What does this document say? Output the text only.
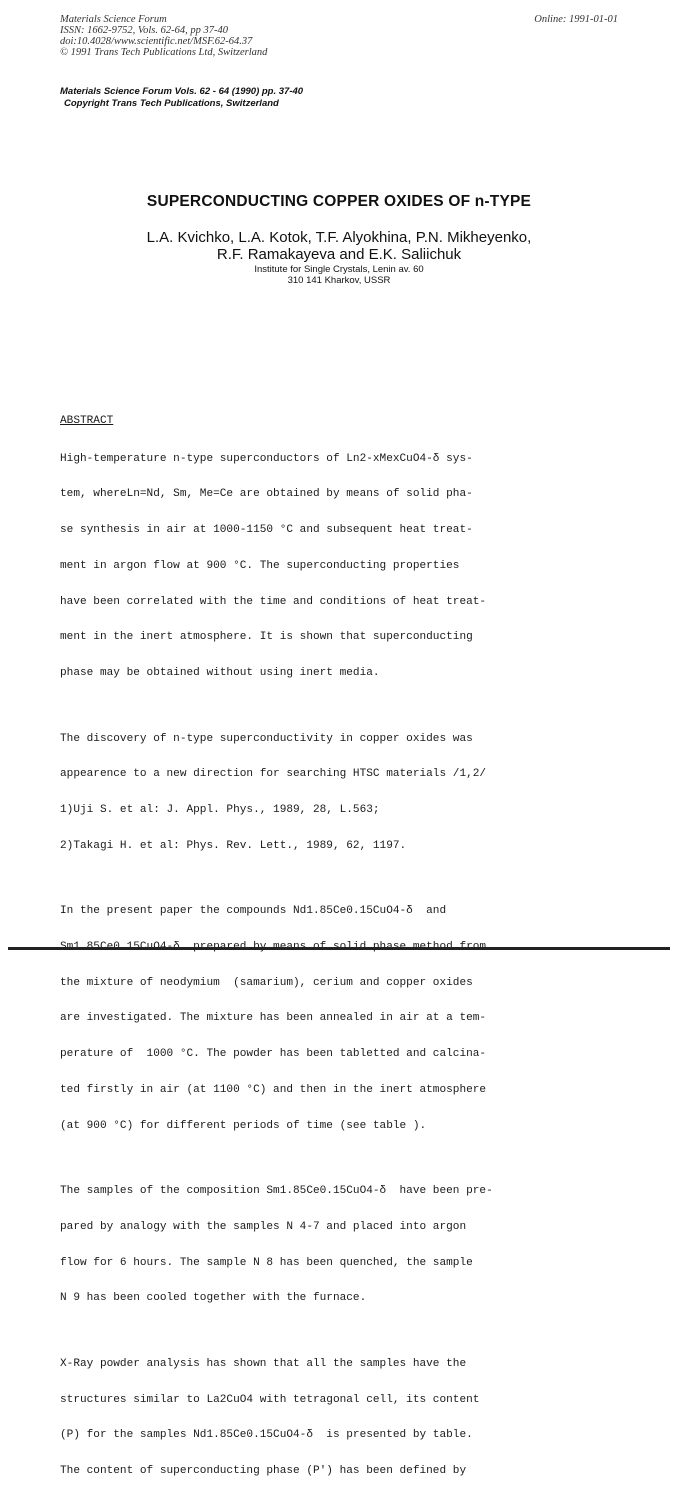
Materials Science Forum
ISSN: 1662-9752, Vols. 62-64, pp 37-40
doi:10.4028/www.scientific.net/MSF.62-64.37
© 1991 Trans Tech Publications Ltd, Switzerland
Online: 1991-01-01
Materials Science Forum Vols. 62 - 64 (1990) pp. 37-40
Copyright Trans Tech Publications, Switzerland
SUPERCONDUCTING COPPER OXIDES OF n-TYPE
L.A. Kvichko, L.A. Kotok, T.F. Alyokhina, P.N. Mikheyenko,
R.F. Ramakayeva and E.K. Saliichuk
Institute for Single Crystals, Lenin av. 60
310 141 Kharkov, USSR
ABSTRACT

High-temperature n-type superconductors of Ln2-xMexCuO4-δ sys-

tem, whereLn=Nd, Sm, Me=Ce are obtained by means of solid pha-

se synthesis in air at 1000-1150 °C and subsequent heat treat-

ment in argon flow at 900 °C. The superconducting properties

have been correlated with the time and conditions of heat treat-

ment in the inert atmosphere. It is shown that superconducting

phase may be obtained without using inert media.

The discovery of n-type superconductivity in copper oxides was

appearence to a new direction for searching HTSC materials /1,2/

1)Uji S. et al: J. Appl. Phys., 1989, 28, L.563;

2)Takagi H. et al: Phys. Rev. Lett., 1989, 62, 1197.

In the present paper the compounds Nd1.85Ce0.15CuO4-δ  and

the mixture of neodymium  (samarium), cerium and copper oxides

are investigated. The mixture has been annealed in air at a tem-

perature of  1000 °C. The powder has been tabletted and calcina-

ted firstly in air (at 1100 °C) and then in the inert atmosphere

(at 900 °C) for different periods of time (see table ).

The samples of the composition Sm1.85Ce0.15CuO4-δ  have been pre-

pared by analogy with the samples N 4-7 and placed into argon

flow for 6 hours. The sample N 8 has been quenched, the sample

N 9 has been cooled together with the furnace.

X-Ray powder analysis has shown that all the samples have the

structures similar to La2CuO4 with tetragonal cell, its content

(P) for the samples Nd1.85Ce0.15CuO4-δ  is presented by table.

The content of superconducting phase (P') has been defined by
